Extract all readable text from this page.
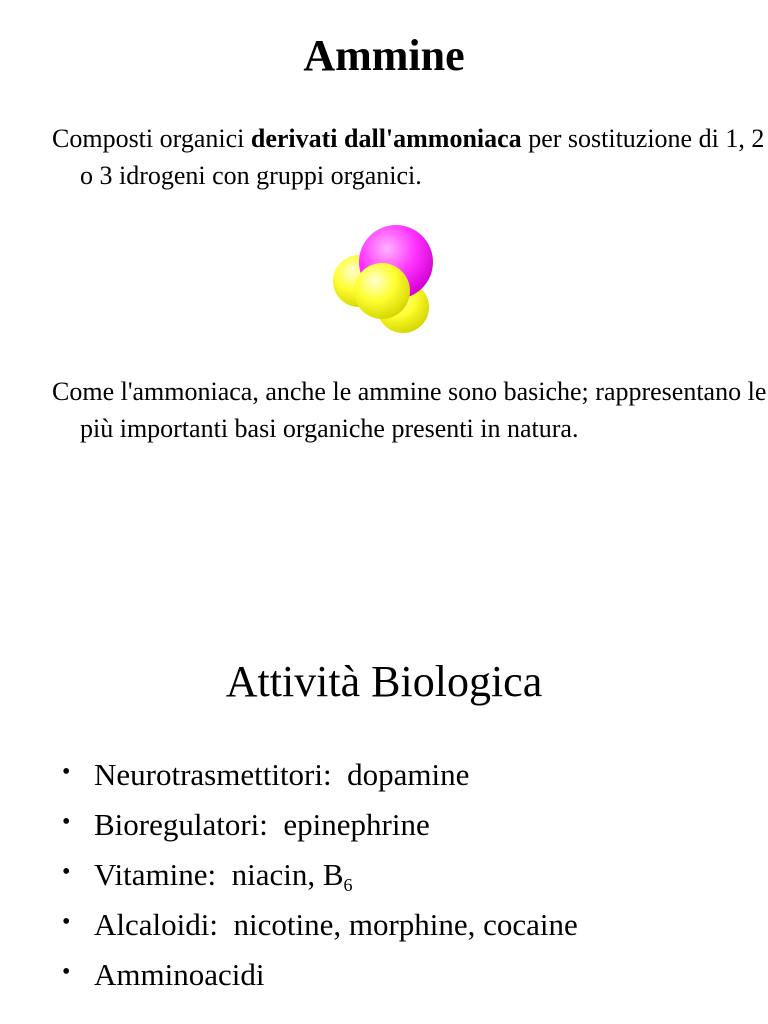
Ammine

Composti organici derivati dall'ammoniaca per sostituzione di 1, 2 o 3 idrogeni con gruppi organici.

Come l'ammoniaca, anche le ammine sono basiche; rappresentano le più importanti basi organiche presenti in natura.

Attività Biologica
• Neurotrasmettitori: dopamine
• Bioregulatori: epinephrine
• Vitamine: niacin, $B_6$
• Alcaloidi: nicotine, morphine, cocaine
• Amminoacidi
